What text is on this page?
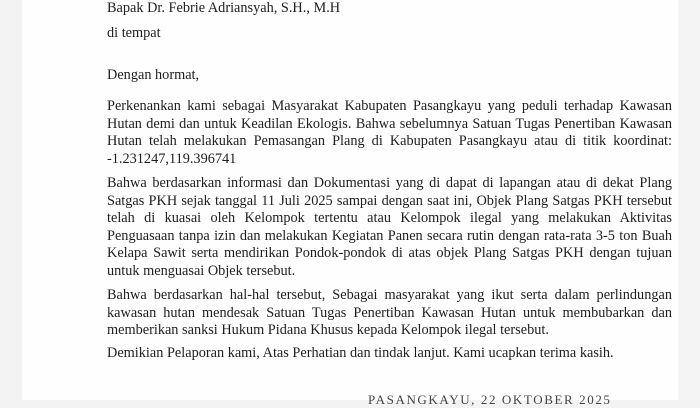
Bapak Dr. Febrie Adriansyah, S.H., M.H
di tempat
Dengan hormat,

Perkenankan kami sebagai Masyarakat Kabupaten Pasangkayu yang peduli terhadap Kawasan Hutan demi dan untuk Keadilan Ekologis. Bahwa sebelumnya Satuan Tugas Penertiban Kawasan Hutan telah melakukan Pemasangan Plang di Kabupaten Pasangkayu atau di titik koordinat: -1.231247,119.396741

Bahwa berdasarkan informasi dan Dokumentasi yang di dapat di lapangan atau di dekat Plang Satgas PKH sejak tanggal 11 Juli 2025 sampai dengan saat ini, Objek Plang Satgas PKH tersebut telah di kuasai oleh Kelompok tertentu atau Kelompok ilegal yang melakukan Aktivitas Penguasaan tanpa izin dan melakukan Kegiatan Panen secara rutin dengan rata-rata 3-5 ton Buah Kelapa Sawit serta mendirikan Pondok-pondok di atas objek Plang Satgas PKH dengan tujuan untuk menguasai Objek tersebut.

Bahwa berdasarkan hal-hal tersebut, Sebagai masyarakat yang ikut serta dalam perlindungan kawasan hutan mendesak Satuan Tugas Penertiban Kawasan Hutan untuk membubarkan dan memberikan sanksi Hukum Pidana Khusus kepada Kelompok ilegal tersebut.

Demikian Pelaporan kami, Atas Perhatian dan tindak lanjut. Kami ucapkan terima kasih.
PASANGKAYU, 22 OKTOBER 2025
